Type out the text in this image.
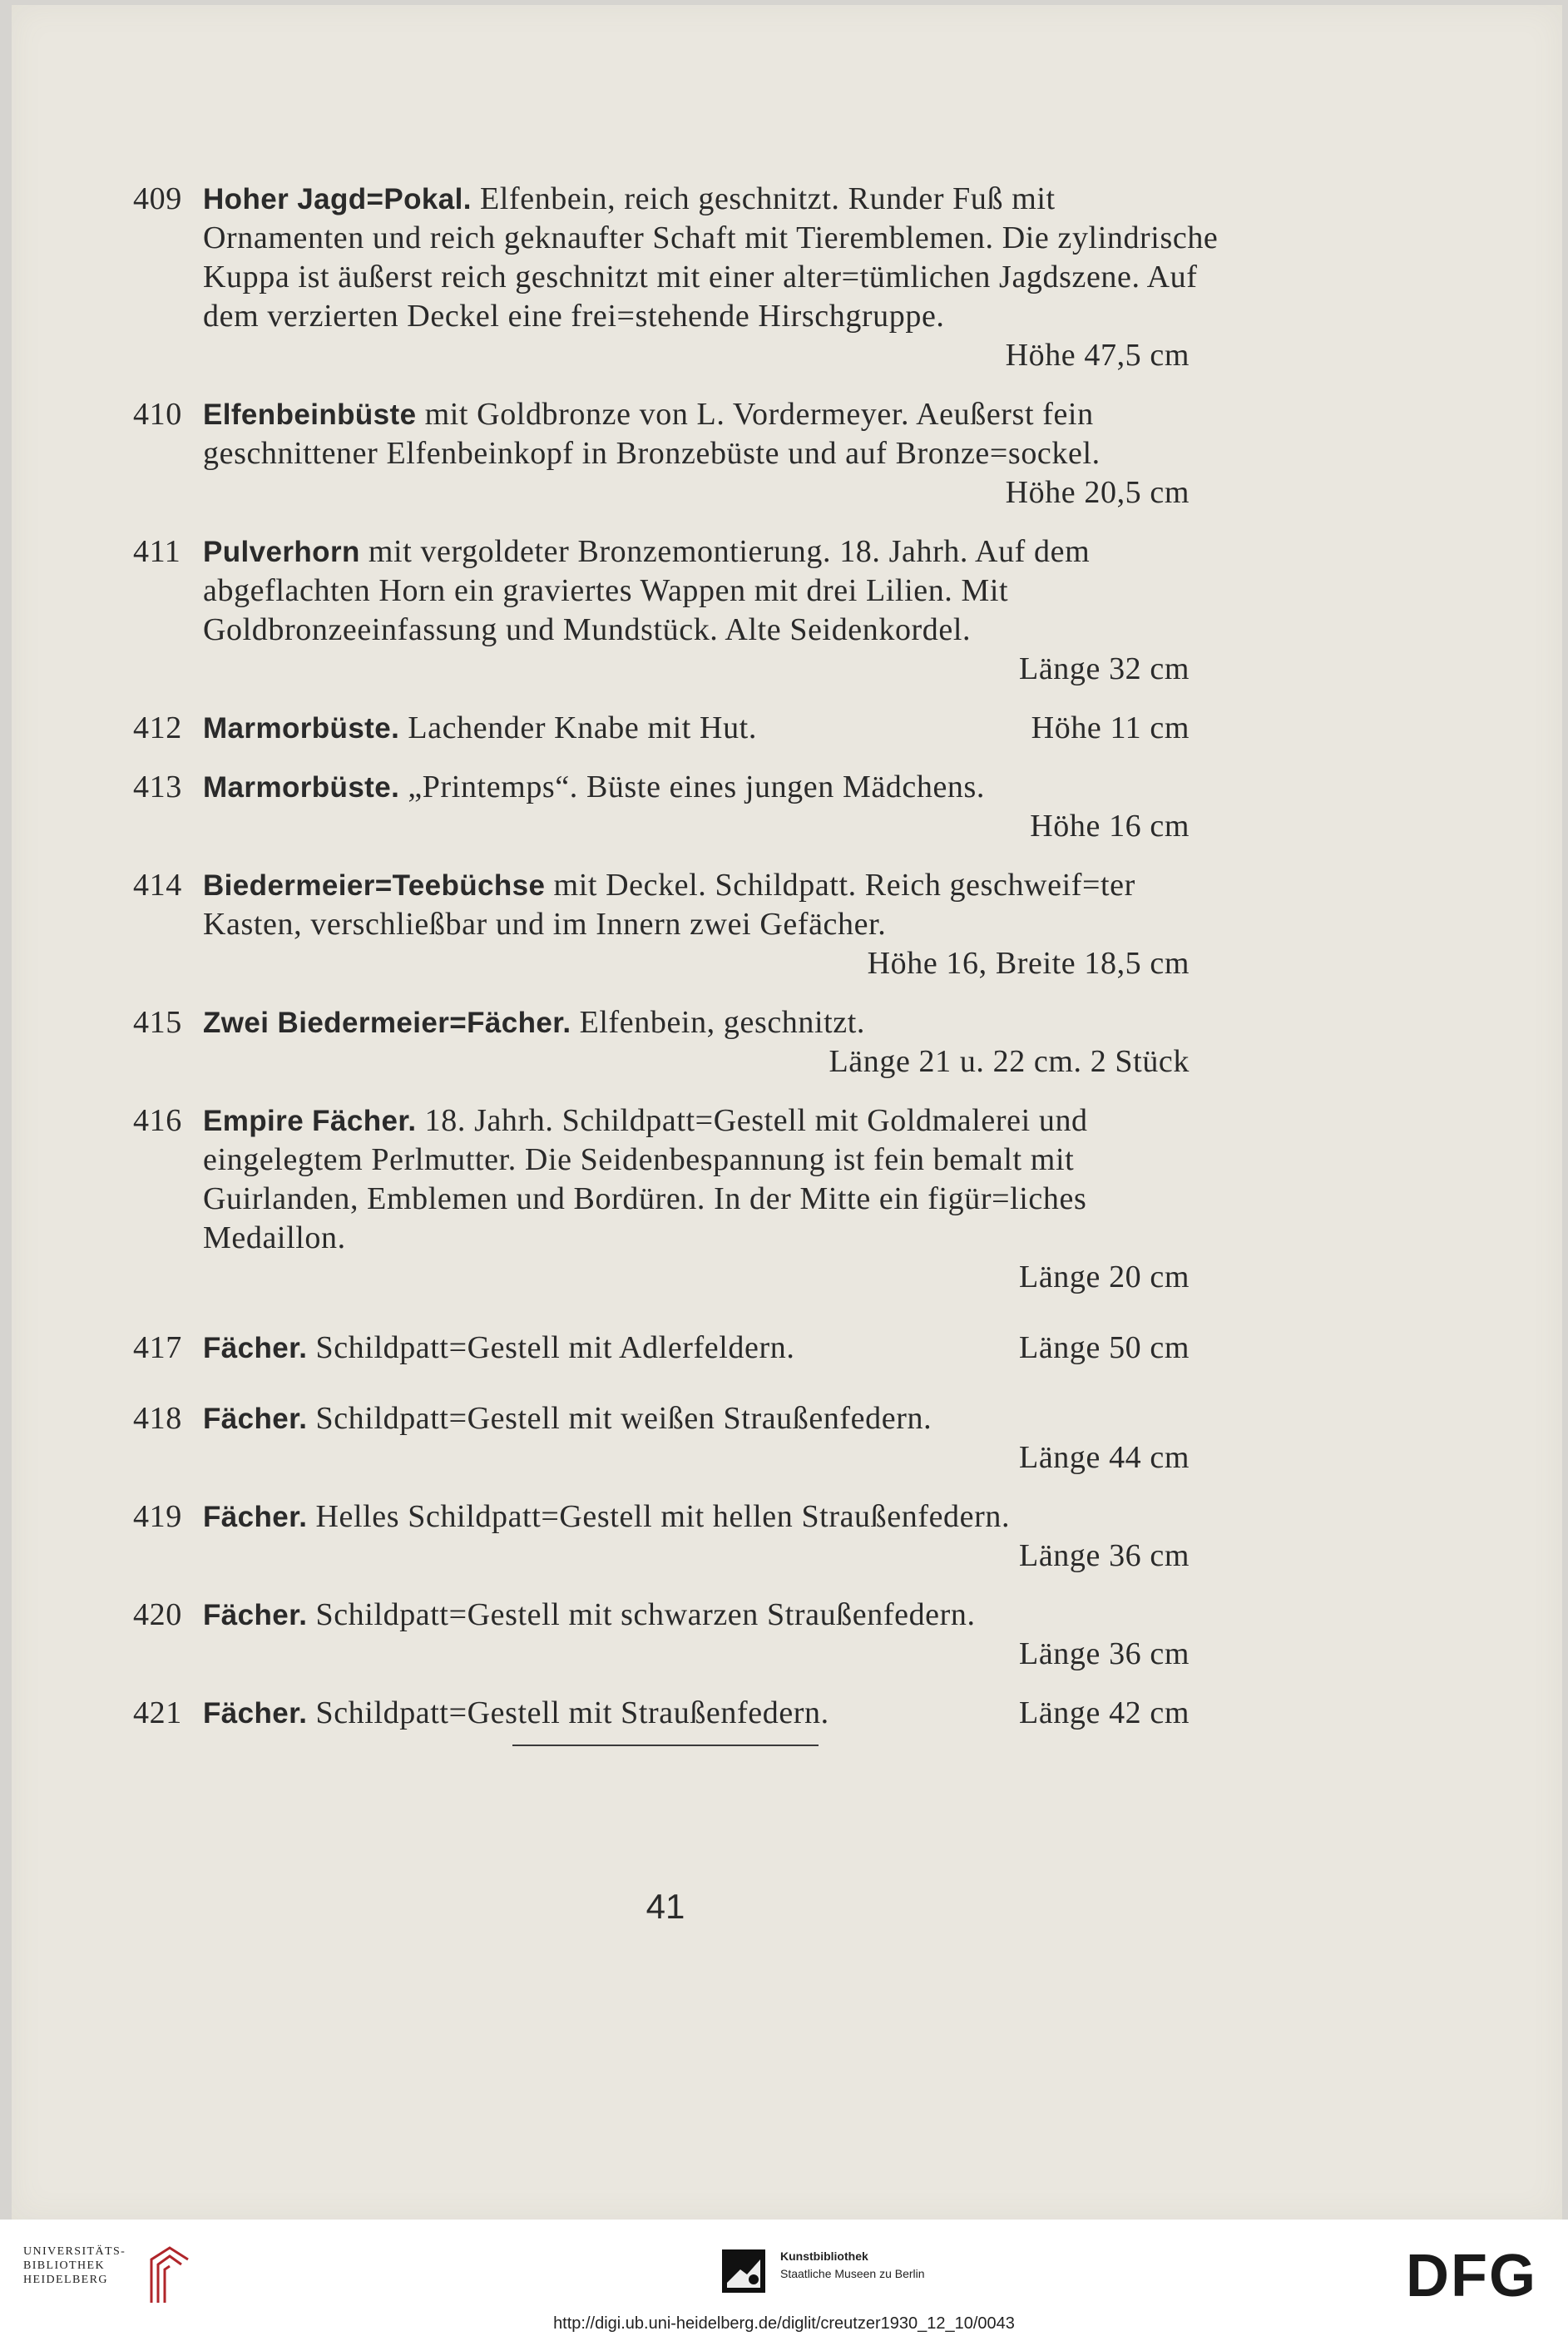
409 Hoher Jagd=Pokal. Elfenbein, reich geschnitzt. Runder Fuß mit Ornamenten und reich geknaufter Schaft mit Tieremblemen. Die zylindrische Kuppa ist äußerst reich geschnitzt mit einer alter=tümlichen Jagdszene. Auf dem verzierten Deckel eine frei=stehende Hirschgruppe.
Höhe 47,5 cm
410 Elfenbeinbüste mit Goldbronze von L. Vordermeyer. Aeußerst fein geschnittener Elfenbeinkopf in Bronzebüste und auf Bronze=sockel.
Höhe 20,5 cm
411 Pulverhorn mit vergoldeter Bronzemontierung. 18. Jahrh. Auf dem abgeflachten Horn ein graviertes Wappen mit drei Lilien. Mit Goldbronzeeinfassung und Mundstück. Alte Seidenkordel.
Länge 32 cm
412 Marmorbüste. Lachender Knabe mit Hut.	Höhe 11 cm
413 Marmorbüste. „Printemps“. Büste eines jungen Mädchens.
Höhe 16 cm
414 Biedermeier=Teebüchse mit Deckel. Schildpatt. Reich geschweif=ter Kasten, verschließbar und im Innern zwei Gefächer.
Höhe 16, Breite 18,5 cm
415 Zwei Biedermeier=Fächer. Elfenbein, geschnitzt.
Länge 21 u. 22 cm. 2 Stück
416 Empire Fächer. 18. Jahrh. Schildpatt=Gestell mit Goldmalerei und eingelegtem Perlmutter. Die Seidenbespannung ist fein bemalt mit Guirlanden, Emblemen und Bordüren. In der Mitte ein figür=liches Medaillon.
Länge 20 cm
417 Fächer. Schildpatt=Gestell mit Adlerfeldern.	Länge 50 cm
418 Fächer. Schildpatt=Gestell mit weißen Straußenfedern.
Länge 44 cm
419 Fächer. Helles Schildpatt=Gestell mit hellen Straußenfedern.
Länge 36 cm
420 Fächer. Schildpatt=Gestell mit schwarzen Straußenfedern.
Länge 36 cm
421 Fächer. Schildpatt=Gestell mit Straußenfedern.	Länge 42 cm
41
UNIVERSITÄTS-
BIBLIOTHEK
HEIDELBERG
Kunstbibliothek
Staatliche Museen zu Berlin	DFG
http://digi.ub.uni-heidelberg.de/diglit/creutzer1930_12_10/0043
